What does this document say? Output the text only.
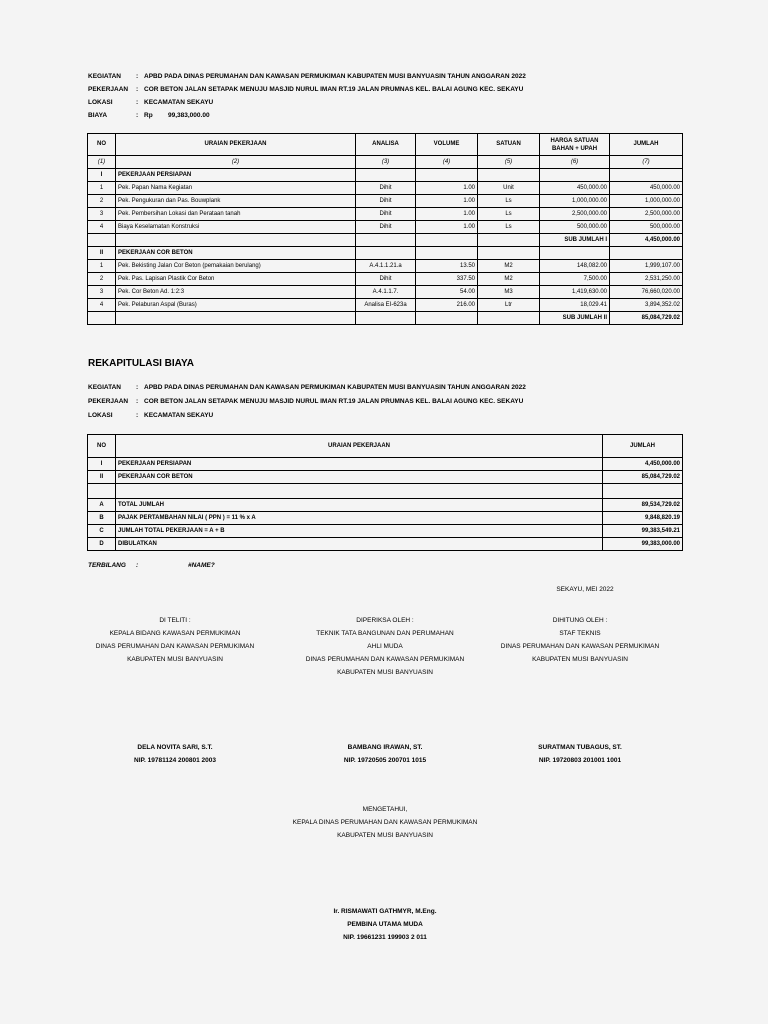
KEGIATAN : APBD PADA DINAS PERUMAHAN DAN KAWASAN PERMUKIMAN KABUPATEN MUSI BANYUASIN TAHUN ANGGARAN 2022
PEKERJAAN : COR BETON JALAN SETAPAK MENUJU MASJID NURUL IMAN RT.19 JALAN PRUMNAS KEL. BALAI AGUNG KEC. SEKAYU
LOKASI	: KECAMATAN SEKAYU
BIAYA	: Rp 99,383,000.00
NO	URAIAN PEKERJAAN	ANALISA	VOLUME	SATUAN	HARGA SATUAN
BAHAN + UPAH	JUMLAH
(1)	(2)	(3)	(4)	(5)	(6)	(7)
I	PEKERJAAN PERSIAPAN					
1	Pek. Papan Nama Kegiatan	Dihit	1.00	Unit	450,000.00	450,000.00
2	Pek. Pengukuran dan Pas. Bouwplank	Dihit	1.00	Ls	1,000,000.00	1,000,000.00
3	Pek. Pembersihan Lokasi dan Perataan tanah	Dihit	1.00	Ls	2,500,000.00	2,500,000.00
4	Biaya Keselamatan Konstruksi	Dihit	1.00	Ls	500,000.00	500,000.00
					SUB JUMLAH I	4,450,000.00
II	PEKERJAAN COR BETON					
1	Pek. Bekisting Jalan Cor Beton (pemakaian berulang)	A.4.1.1.21.a	13.50	M2	148,082.00	1,999,107.00
2	Pek. Pas. Lapisan Plastik Cor Beton	Dihit	337.50	M2	7,500.00	2,531,250.00
3	Pek. Cor Beton Ad. 1:2:3	A.4.1.1.7.	54.00	M3	1,419,630.00	76,660,020.00
4	Pek. Pelaburan Aspal (Buras)	Analisa EI-623a	216.00	Ltr	18,029.41	3,894,352.02
					SUB JUMLAH II	85,084,729.02
REKAPITULASI BIAYA
KEGIATAN : APBD PADA DINAS PERUMAHAN DAN KAWASAN PERMUKIMAN KABUPATEN MUSI BANYUASIN TAHUN ANGGARAN 2022
PEKERJAAN : COR BETON JALAN SETAPAK MENUJU MASJID NURUL IMAN RT.19 JALAN PRUMNAS KEL. BALAI AGUNG KEC. SEKAYU
LOKASI	: KECAMATAN SEKAYU
NO	URAIAN PEKERJAAN	JUMLAH
I	PEKERJAAN PERSIAPAN	4,450,000.00
II	PEKERJAAN COR BETON	85,084,729.02

A	TOTAL JUMLAH	89,534,729.02
B	PAJAK PERTAMBAHAN NILAI ( PPN ) = 11 % x A	9,848,820.19
C	JUMLAH TOTAL PEKERJAAN = A + B	99,383,549.21
D	DIBULATKAN	99,383,000.00
TERBILANG :	#NAME?
SEKAYU, MEI 2022
DI TELITI :
KEPALA BIDANG KAWASAN PERMUKIMAN
DINAS PERUMAHAN DAN KAWASAN PERMUKIMAN
KABUPATEN MUSI BANYUASIN
DIPERIKSA OLEH :
TEKNIK TATA BANGUNAN DAN PERUMAHAN
AHLI MUDA
DINAS PERUMAHAN DAN KAWASAN PERMUKIMAN
KABUPATEN MUSI BANYUASIN
DIHITUNG OLEH :
STAF TEKNIS
DINAS PERUMAHAN DAN KAWASAN PERMUKIMAN
KABUPATEN MUSI BANYUASIN
DELA NOVITA SARI, S.T.
NIP. 19781124 200801 2003
BAMBANG IRAWAN, ST.
NIP. 19720505 200701 1015
SURATMAN TUBAGUS, ST.
NIP. 19720803 201001 1001
MENGETAHUI,
KEPALA DINAS PERUMAHAN DAN KAWASAN PERMUKIMAN
KABUPATEN MUSI BANYUASIN
Ir. RISMAWATI GATHMYR, M.Eng.
PEMBINA UTAMA MUDA
NIP. 19661231 199903 2 011
